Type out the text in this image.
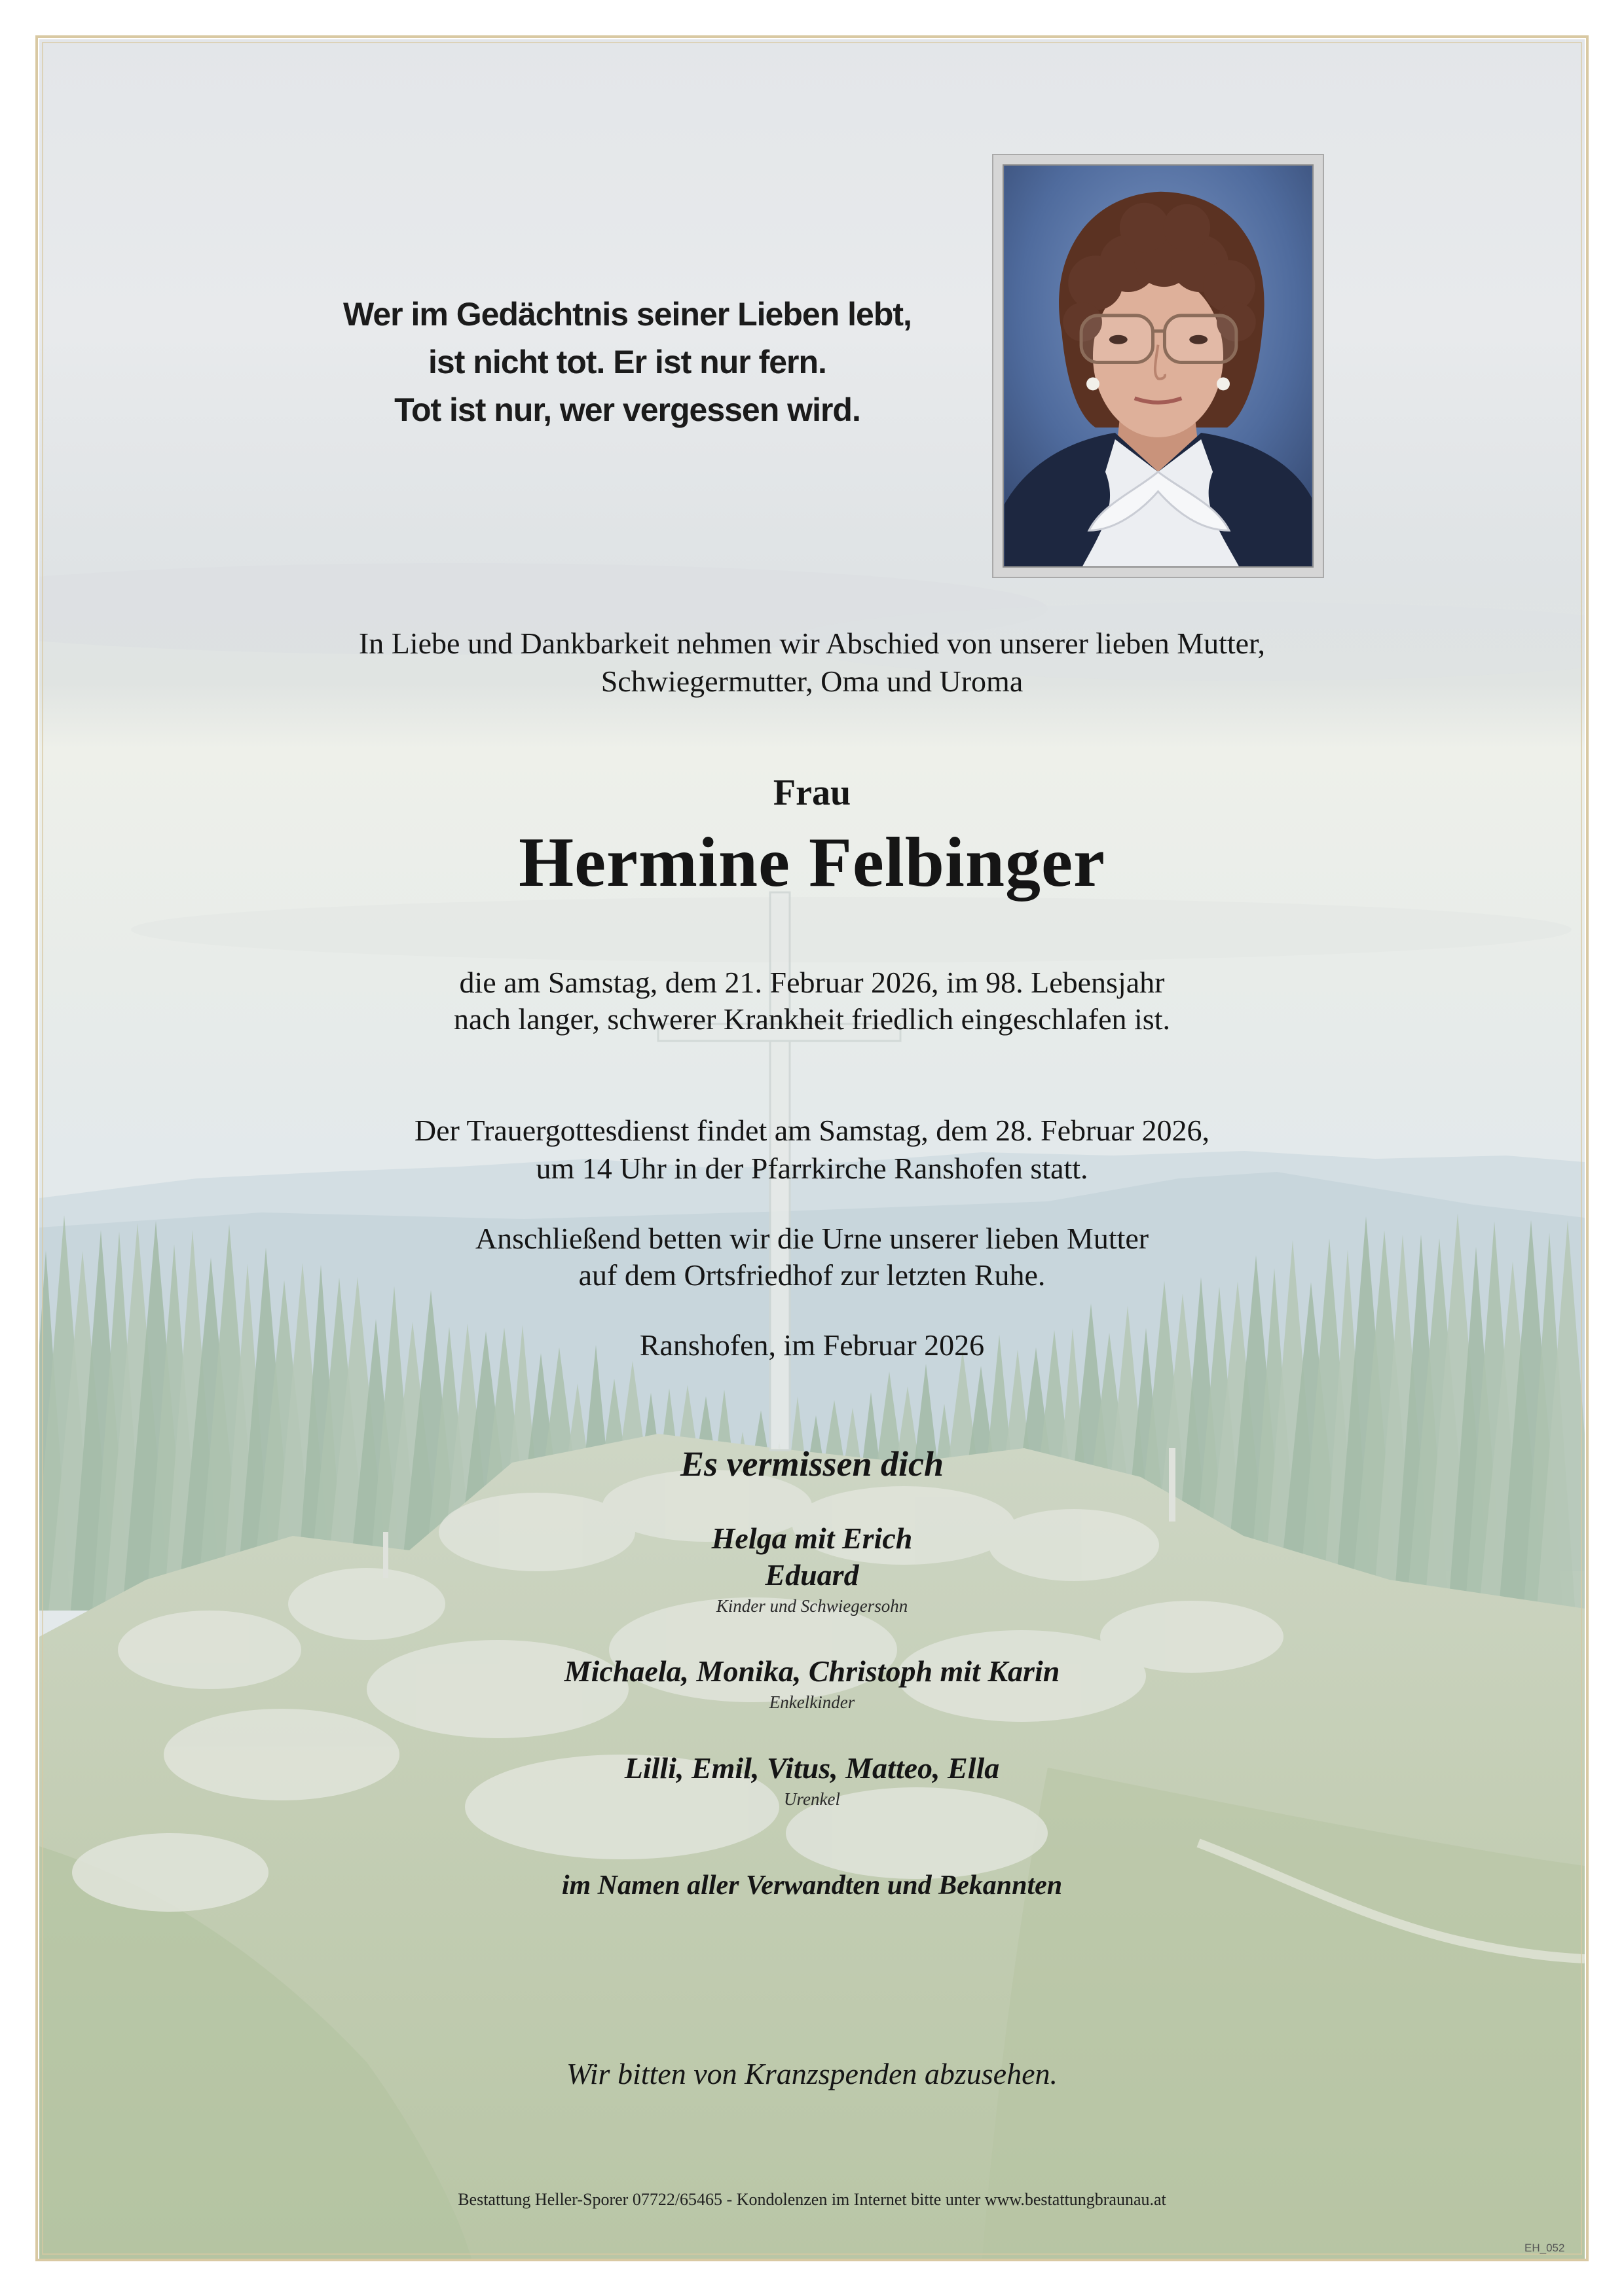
Wer im Gedächtnis seiner Lieben lebt,
ist nicht tot. Er ist nur fern.
Tot ist nur, wer vergessen wird.
In Liebe und Dankbarkeit nehmen wir Abschied von unserer lieben Mutter,
Schwiegermutter, Oma und Uroma
Frau
Hermine Felbinger
die am Samstag, dem 21. Februar 2026, im 98. Lebensjahr
nach langer, schwerer Krankheit friedlich eingeschlafen ist.
Der Trauergottesdienst findet am Samstag, dem 28. Februar 2026,
um 14 Uhr in der Pfarrkirche Ranshofen statt.
Anschließend betten wir die Urne unserer lieben Mutter
auf dem Ortsfriedhof zur letzten Ruhe.
Ranshofen, im Februar 2026
Es vermissen dich
Helga mit Erich
Eduard
Kinder und Schwiegersohn
Michaela, Monika, Christoph mit Karin
Enkelkinder
Lilli, Emil, Vitus, Matteo, Ella
Urenkel
im Namen aller Verwandten und Bekannten
Wir bitten von Kranzspenden abzusehen.
Bestattung Heller-Sporer 07722/65465 - Kondolenzen im Internet bitte unter www.bestattungbraunau.at
EH_052
